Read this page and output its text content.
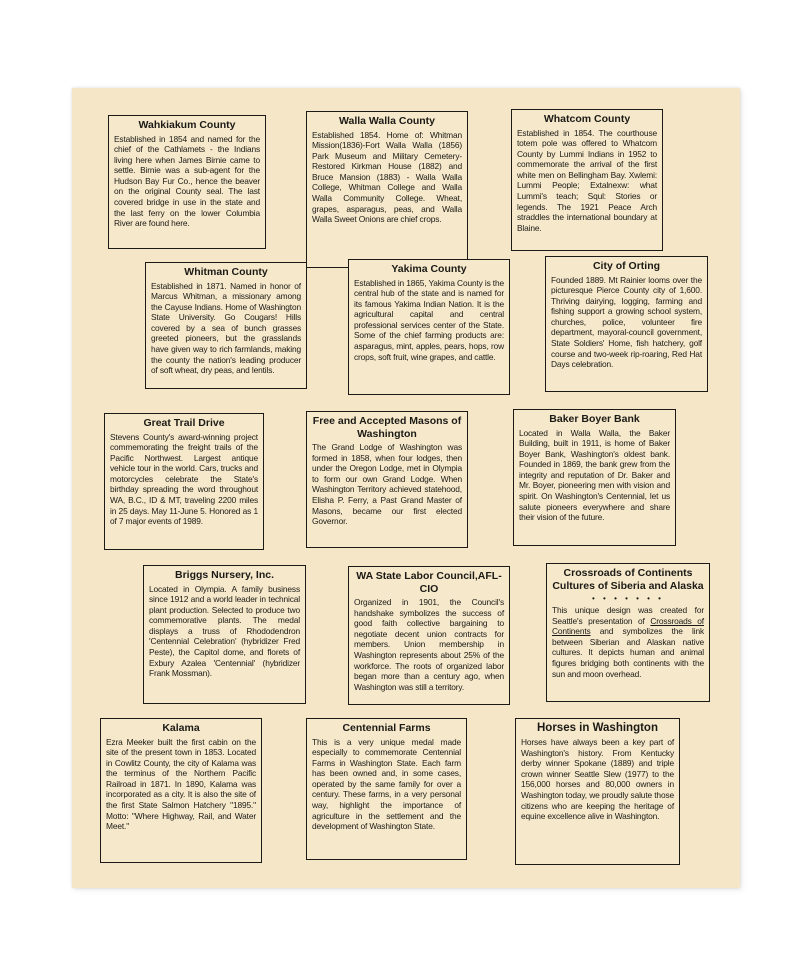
Wahkiakum County
Established in 1854 and named for the chief of the Cathlamets - the Indians living here when James Birnie came to settle. Birnie was a sub-agent for the Hudson Bay Fur Co., hence the beaver on the original County seal. The last covered bridge in use in the state and the last ferry on the lower Columbia River are found here.
Walla Walla County
Established 1854. Home of: Whitman Mission(1836)-Fort Walla Walla (1856) Park Museum and Military Cemetery-Restored Kirkman House (1882) and Bruce Mansion (1883) - Walla Walla College, Whitman College and Walla Walla Community College. Wheat, grapes, asparagus, peas, and Walla Walla Sweet Onions are chief crops.
Whatcom County
Established in 1854. The courthouse totem pole was offered to Whatcom County by Lummi Indians in 1952 to commemorate the arrival of the first white men on Bellingham Bay. Xwlemi: Lummi People; Extalnexw: what Lummi's teach; Squl: Stories or legends. The 1921 Peace Arch straddles the international boundary at Blaine.
Whitman County
Established in 1871. Named in honor of Marcus Whitman, a missionary among the Cayuse Indians. Home of Washington State University. Go Cougars! Hills covered by a sea of bunch grasses greeted pioneers, but the grasslands have given way to rich farmlands, making the county the nation's leading producer of soft wheat, dry peas, and lentils.
Yakima County
Established in 1865, Yakima County is the central hub of the state and is named for its famous Yakima Indian Nation. It is the agricultural capital and central professional services center of the State. Some of the chief farming products are: asparagus, mint, apples, pears, hops, row crops, soft fruit, wine grapes, and cattle.
City of Orting
Founded 1889. Mt Rainier looms over the picturesque Pierce County city of 1,600. Thriving dairying, logging, farming and fishing support a growing school system, churches, police, volunteer fire department, mayoral-council government, State Soldiers' Home, fish hatchery, golf course and two-week rip-roaring, Red Hat Days celebration.
Great Trail Drive
Stevens County's award-winning project commemorating the freight trails of the Pacific Northwest. Largest antique vehicle tour in the world. Cars, trucks and motorcycles celebrate the State's birthday spreading the word throughout WA, B.C., ID & MT, traveling 2200 miles in 25 days. May 11-June 5. Honored as 1 of 7 major events of 1989.
Free and Accepted Masons of Washington
The Grand Lodge of Washington was formed in 1858, when four lodges, then under the Oregon Lodge, met in Olympia to form our own Grand Lodge. When Washington Territory achieved statehood, Elisha P. Ferry, a Past Grand Master of Masons, became our first elected Governor.
Baker Boyer Bank
Located in Walla Walla, the Baker Building, built in 1911, is home of Baker Boyer Bank, Washington's oldest bank. Founded in 1869, the bank grew from the integrity and reputation of Dr. Baker and Mr. Boyer, pioneering men with vision and spirit. On Washington's Centennial, let us salute pioneers everywhere and share their vision of the future.
Briggs Nursery, Inc.
Located in Olympia. A family business since 1912 and a world leader in technical plant production. Selected to produce two commemorative plants. The medal displays a truss of Rhododendron 'Centennial Celebration' (hybridizer Fred Peste), the Capitol dome, and florets of Exbury Azalea 'Centennial' (hybridizer Frank Mossman).
WA State Labor Council,AFL-CIO
Organized in 1901, the Council's handshake symbolizes the success of good faith collective bargaining to negotiate decent union contracts for members. Union membership in Washington represents about 25% of the workforce. The roots of organized labor began more than a century ago, when Washington was still a territory.
Crossroads of Continents Cultures of Siberia and Alaska
• • • • • • •
This unique design was created for Seattle's presentation of Crossroads of Continents and symbolizes the link between Siberian and Alaskan native cultures. It depicts human and animal figures bridging both continents with the sun and moon overhead.
Kalama
Ezra Meeker built the first cabin on the site of the present town in 1853. Located in Cowlitz County, the city of Kalama was the terminus of the Northern Pacific Railroad in 1871. In 1890, Kalama was incorporated as a city. It is also the site of the first State Salmon Hatchery "1895." Motto: "Where Highway, Rail, and Water Meet."
Centennial Farms
This is a very unique medal made especially to commemorate Centennial Farms in Washington State. Each farm has been owned and, in some cases, operated by the same family for over a century. These farms, in a very personal way, highlight the importance of agriculture in the settlement and the development of Washington State.
Horses in Washington
Horses have always been a key part of Washington's history. From Kentucky derby winner Spokane (1889) and triple crown winner Seattle Slew (1977) to the 156,000 horses and 80,000 owners in Washington today, we proudly salute those citizens who are keeping the heritage of equine excellence alive in Washington.
